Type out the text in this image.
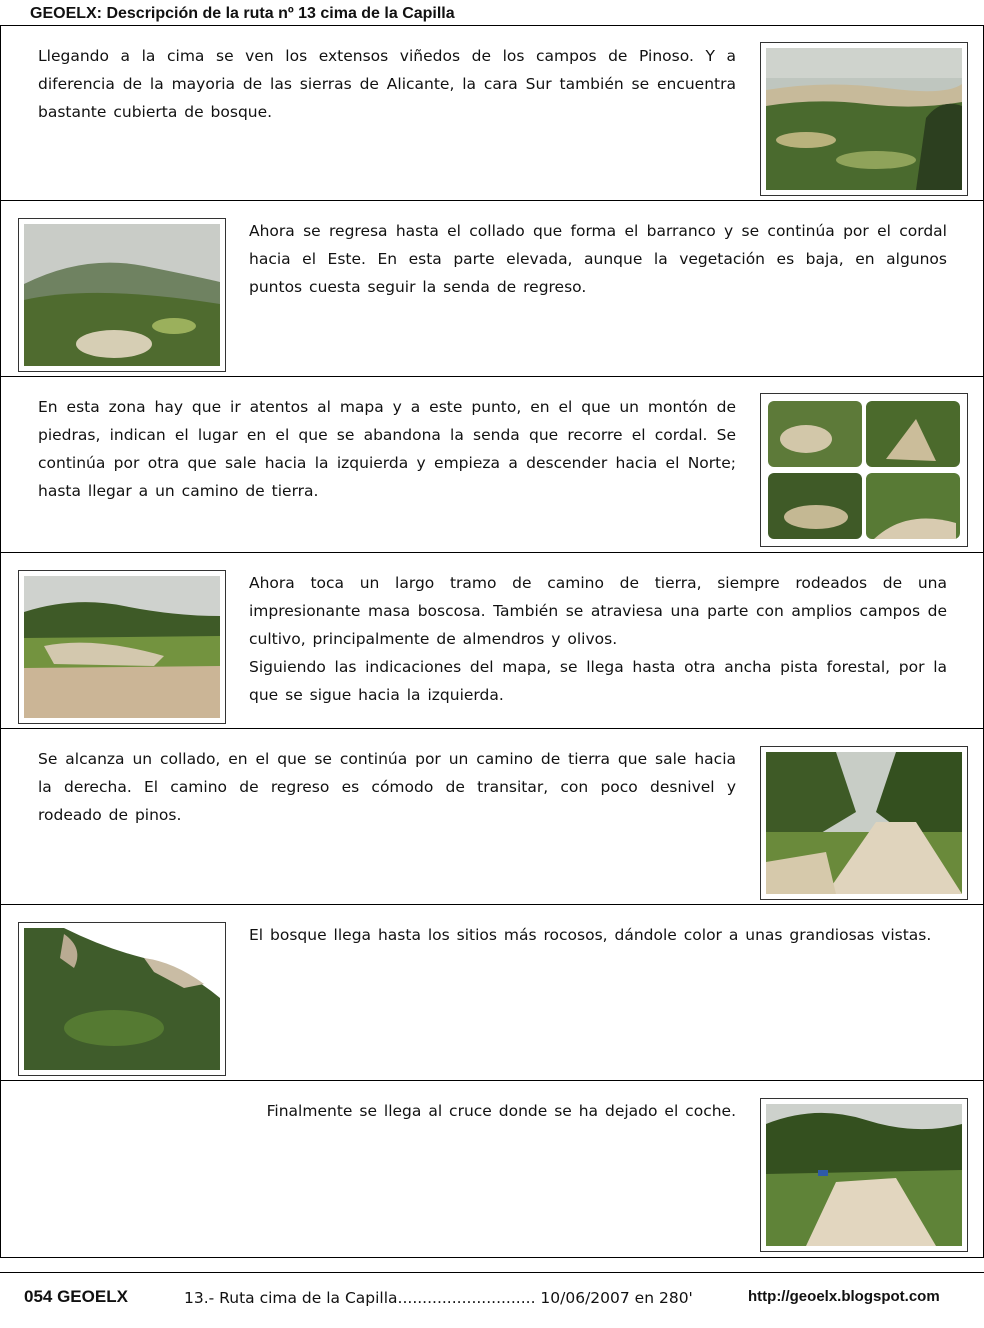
GEOELX: Descripción de la ruta nº 13 cima de la Capilla
Llegando a la cima se ven los extensos viñedos de los campos de Pinoso. Y a diferencia de la mayoria de las sierras de Alicante, la cara Sur también se encuentra bastante cubierta de bosque.
Ahora se regresa hasta el collado que forma el barranco y se continúa por el cordal hacia el Este. En esta parte elevada, aunque la vegetación es baja, en algunos puntos cuesta seguir la senda de regreso.
En esta zona hay que ir atentos al mapa y a este punto, en el que un montón de piedras, indican el lugar en el que se abandona la senda que recorre el cordal. Se continúa por otra que sale hacia la izquierda y empieza a descender hacia el Norte; hasta llegar a un camino de tierra.
Ahora toca un largo tramo de camino de tierra, siempre rodeados de una impresionante masa boscosa. También se atraviesa una parte con amplios campos de cultivo, principalmente de almendros y olivos.
Siguiendo las indicaciones del mapa, se llega hasta otra ancha pista forestal, por la que se sigue hacia la izquierda.
Se alcanza un collado, en el que se continúa por un camino de tierra que sale hacia la derecha. El camino de regreso es cómodo de transitar, con poco desnivel y rodeado de pinos.
El bosque llega hasta los sitios más rocosos, dándole color a unas grandiosas vistas.
Finalmente se llega al cruce donde se ha dejado el coche.
054 GEOELX	13.- Ruta cima de la Capilla............................ 10/06/2007 en 280'	http://geoelx.blogspot.com
